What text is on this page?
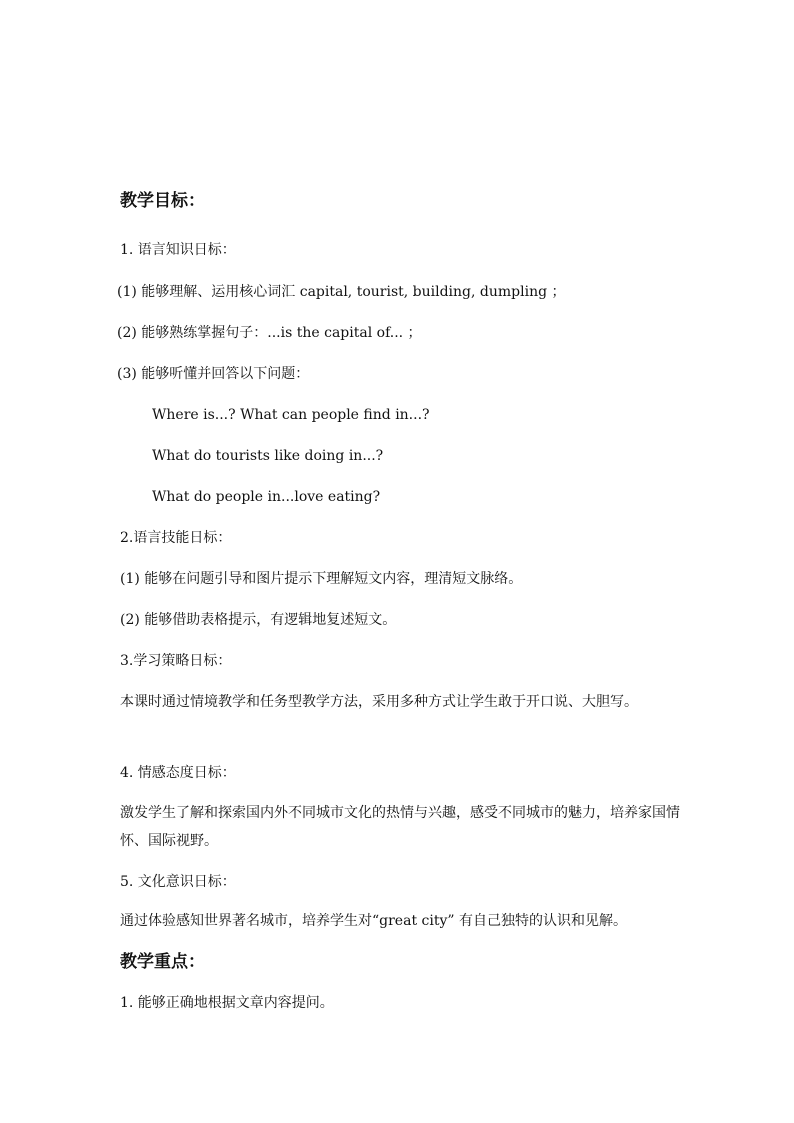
教学目标：
1. 语言知识日标：
(1) 能够理解、运用核心词汇 capital, tourist, building, dumpling ；
(2) 能够熟练掌握句子：...is the capital of... ；
(3) 能够听懂并回答以下问题：
Where is...? What can people find in...?
What do tourists like doing in...?
What do people in...love eating?
2.语言技能日标：
(1) 能够在问题引导和图片提示下理解短文内容，理清短文脉络。
(2) 能够借助表格提示，有逻辑地复述短文。
3.学习策略日标：
本课时通过情境教学和任务型教学方法，采用多种方式让学生敢于开口说、大胆写。
4. 情感态度日标：
激发学生了解和探索国内外不同城市文化的热情与兴趣，感受不同城市的魅力，培养家国情怀、国际视野。
5. 文化意识日标：
通过体验感知世界著名城市，培养学生对“great city” 有自己独特的认识和见解。
教学重点：
1. 能够正确地根据文章内容提问。
